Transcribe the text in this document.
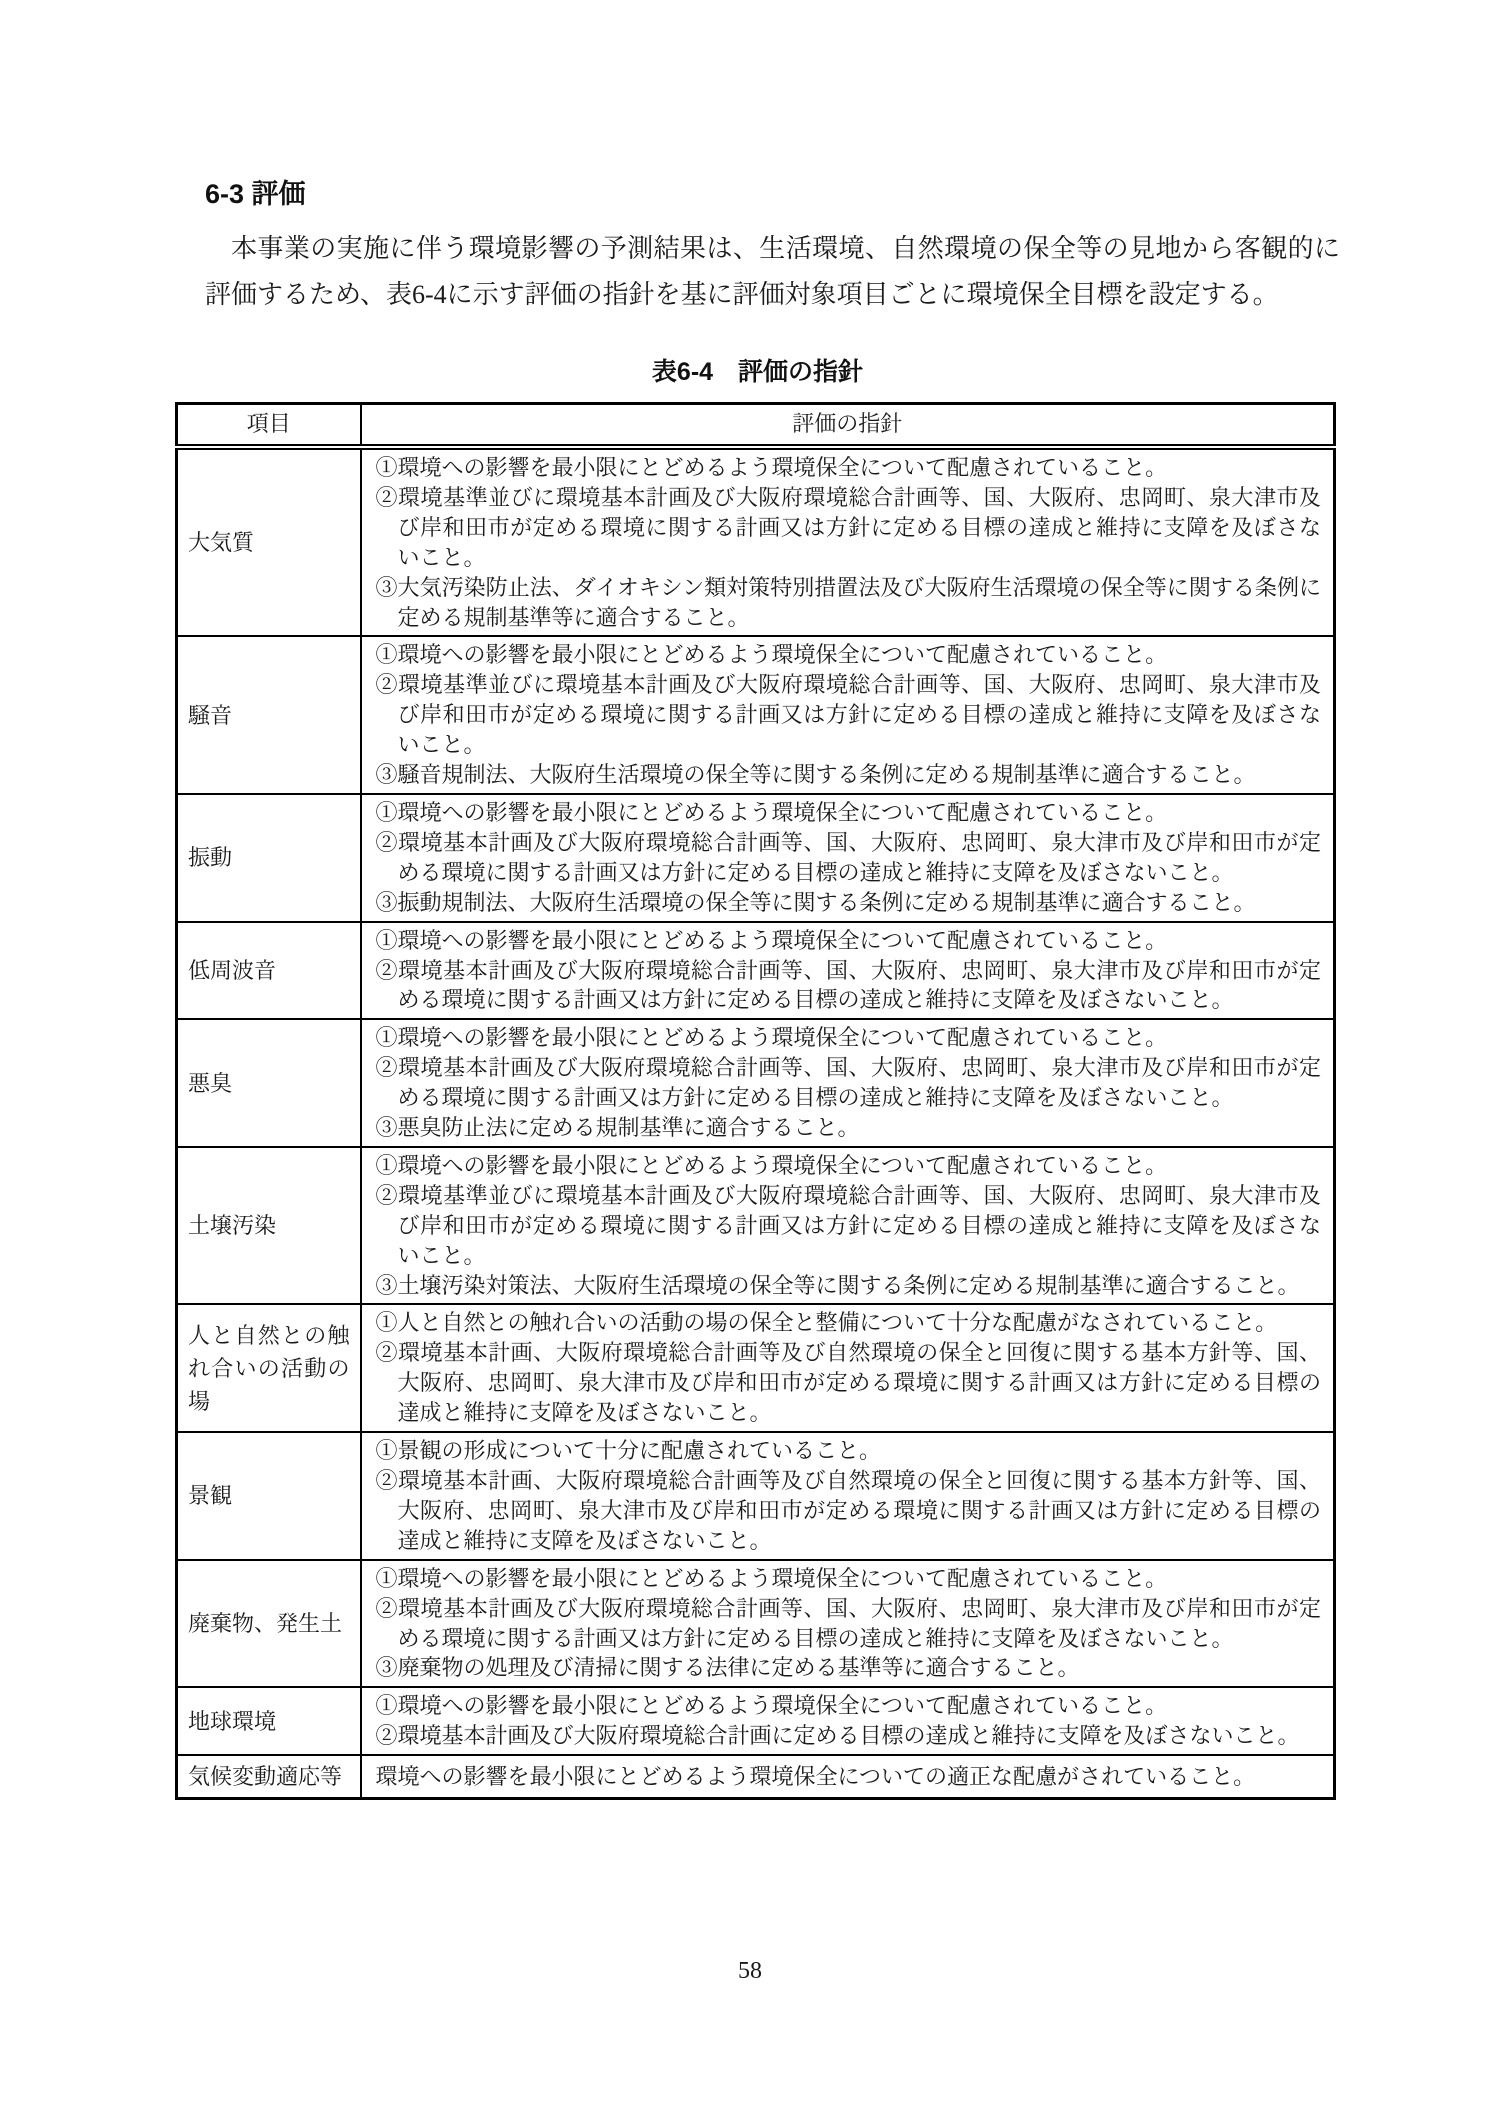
6-3 評価

本事業の実施に伴う環境影響の予測結果は、生活環境、自然環境の保全等の見地から客観的に評価するため、表6-4に示す評価の指針を基に評価対象項目ごとに環境保全目標を設定する。

表6-4　評価の指針
項目	評価の指針
大気質	①環境への影響を最小限にとどめるよう環境保全について配慮されていること。

②環境基準並びに環境基本計画及び大阪府環境総合計画等、国、大阪府、忠岡町、泉大津市及び岸和田市が定める環境に関する計画又は方針に定める目標の達成と維持に支障を及ぼさないこと。

③大気汚染防止法、ダイオキシン類対策特別措置法及び大阪府生活環境の保全等に関する条例に定める規制基準等に適合すること。

騒音	①環境への影響を最小限にとどめるよう環境保全について配慮されていること。

②環境基準並びに環境基本計画及び大阪府環境総合計画等、国、大阪府、忠岡町、泉大津市及び岸和田市が定める環境に関する計画又は方針に定める目標の達成と維持に支障を及ぼさないこと。

③騒音規制法、大阪府生活環境の保全等に関する条例に定める規制基準に適合すること。

振動	①環境への影響を最小限にとどめるよう環境保全について配慮されていること。

②環境基本計画及び大阪府環境総合計画等、国、大阪府、忠岡町、泉大津市及び岸和田市が定める環境に関する計画又は方針に定める目標の達成と維持に支障を及ぼさないこと。

③振動規制法、大阪府生活環境の保全等に関する条例に定める規制基準に適合すること。

低周波音	①環境への影響を最小限にとどめるよう環境保全について配慮されていること。

②環境基本計画及び大阪府環境総合計画等、国、大阪府、忠岡町、泉大津市及び岸和田市が定める環境に関する計画又は方針に定める目標の達成と維持に支障を及ぼさないこと。

悪臭	①環境への影響を最小限にとどめるよう環境保全について配慮されていること。

②環境基本計画及び大阪府環境総合計画等、国、大阪府、忠岡町、泉大津市及び岸和田市が定める環境に関する計画又は方針に定める目標の達成と維持に支障を及ぼさないこと。

③悪臭防止法に定める規制基準に適合すること。

土壌汚染	①環境への影響を最小限にとどめるよう環境保全について配慮されていること。

②環境基準並びに環境基本計画及び大阪府環境総合計画等、国、大阪府、忠岡町、泉大津市及び岸和田市が定める環境に関する計画又は方針に定める目標の達成と維持に支障を及ぼさないこと。

③土壌汚染対策法、大阪府生活環境の保全等に関する条例に定める規制基準に適合すること。

人と自然との触れ合いの活動の場	①人と自然との触れ合いの活動の場の保全と整備について十分な配慮がなされていること。

②環境基本計画、大阪府環境総合計画等及び自然環境の保全と回復に関する基本方針等、国、大阪府、忠岡町、泉大津市及び岸和田市が定める環境に関する計画又は方針に定める目標の達成と維持に支障を及ぼさないこと。

景観	①景観の形成について十分に配慮されていること。

②環境基本計画、大阪府環境総合計画等及び自然環境の保全と回復に関する基本方針等、国、大阪府、忠岡町、泉大津市及び岸和田市が定める環境に関する計画又は方針に定める目標の達成と維持に支障を及ぼさないこと。

廃棄物、発生土	①環境への影響を最小限にとどめるよう環境保全について配慮されていること。

②環境基本計画及び大阪府環境総合計画等、国、大阪府、忠岡町、泉大津市及び岸和田市が定める環境に関する計画又は方針に定める目標の達成と維持に支障を及ぼさないこと。

③廃棄物の処理及び清掃に関する法律に定める基準等に適合すること。

地球環境	①環境への影響を最小限にとどめるよう環境保全について配慮されていること。

②環境基本計画及び大阪府環境総合計画に定める目標の達成と維持に支障を及ぼさないこと。

気候変動適応等	環境への影響を最小限にとどめるよう環境保全についての適正な配慮がされていること。

58
